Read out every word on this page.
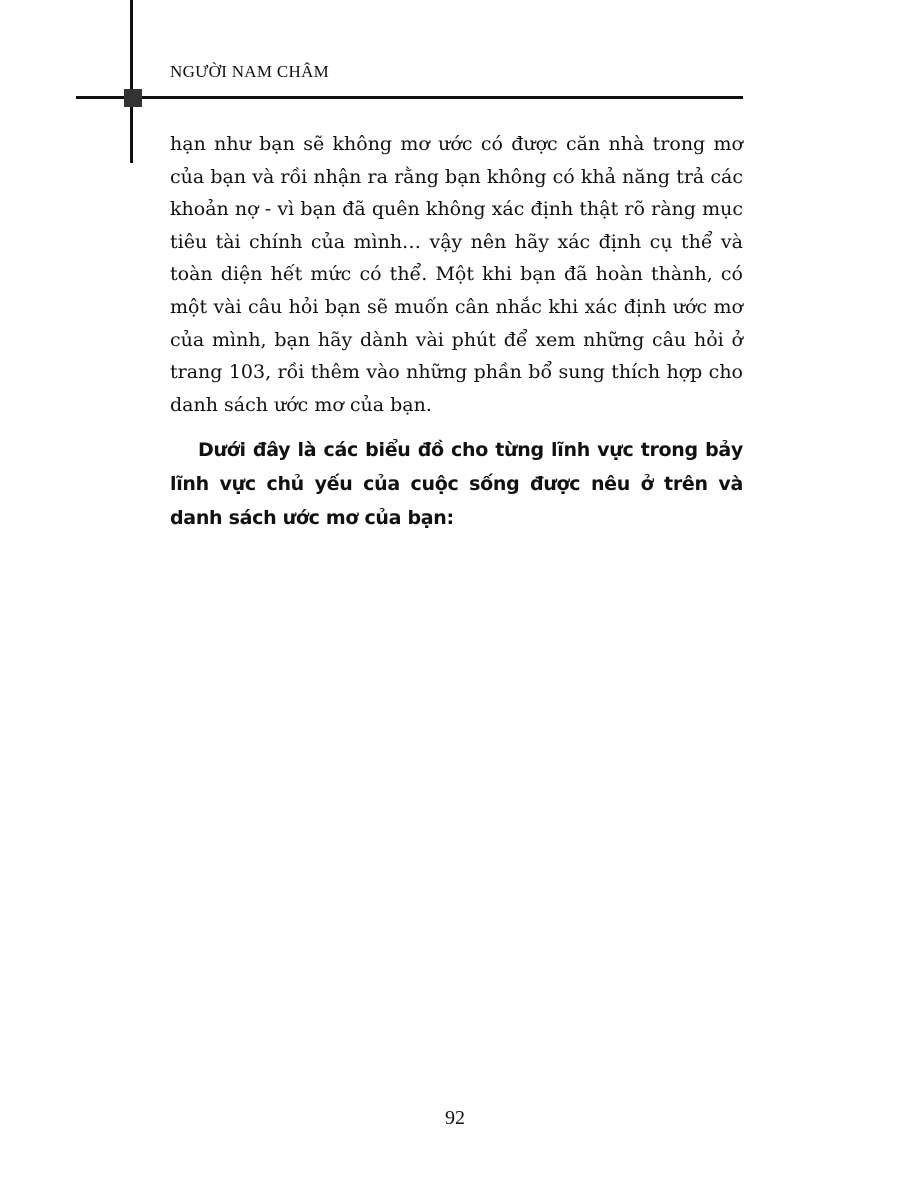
NGƯỜI NAM CHÂM

hạn như bạn sẽ không mơ ước có được căn nhà trong mơ của bạn và rồi nhận ra rằng bạn không có khả năng trả các khoản nợ - vì bạn đã quên không xác định thật rõ ràng mục tiêu tài chính của mình… vậy nên hãy xác định cụ thể và toàn diện hết mức có thể. Một khi bạn đã hoàn thành, có một vài câu hỏi bạn sẽ muốn cân nhắc khi xác định ước mơ của mình, bạn hãy dành vài phút để xem những câu hỏi ở trang 103, rồi thêm vào những phần bổ sung thích hợp cho danh sách ước mơ của bạn.

Dưới đây là các biểu đồ cho từng lĩnh vực trong bảy lĩnh vực chủ yếu của cuộc sống được nêu ở trên và danh sách ước mơ của bạn:

92
